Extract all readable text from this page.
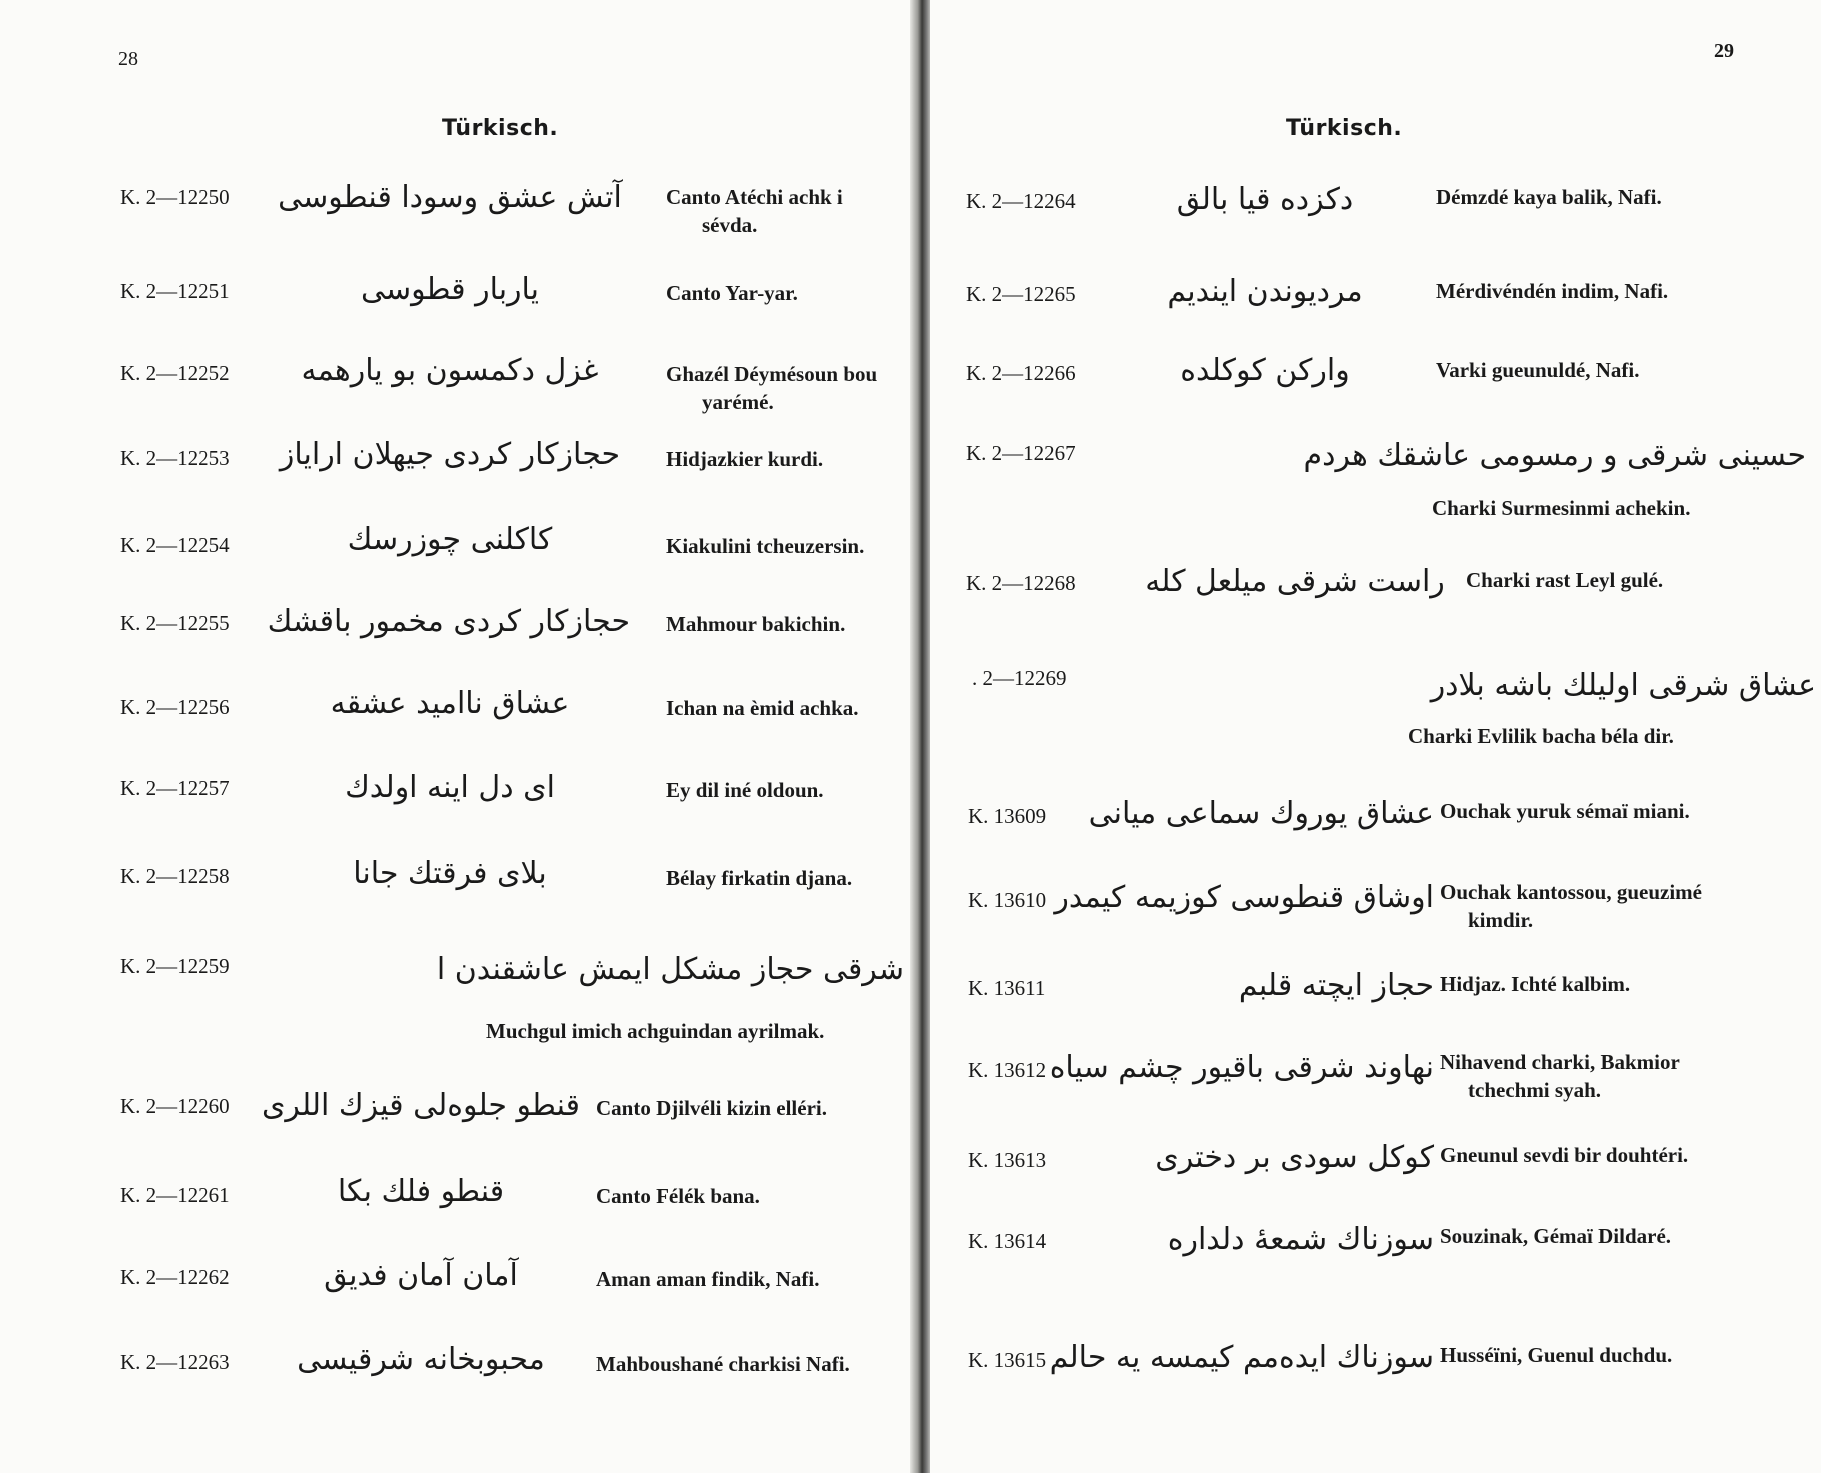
28
Türkisch.
K. 2—12250 آتش عشق وسودا قنطوسی	Canto Atéchi achk i
sévda.
K. 2—12251	یاربار قطوسی	Canto Yar-yar.
K. 2—12252	غزل دکمسون بو یارهمه	Ghazél Déymésoun bou
yarémé.
K. 2—12253	حجازکار کردی جیهلان ارایاز	Hidjazkier kurdi.
K. 2—12254	کاکلنی چوزرسك	Kiakulini tcheuzersin.
K. 2—12255 حجازکار کردی مخمور باقشك Mahmour bakichin.
K. 2—12256	عشاق ناامید عشقه	Ichan na èmid achka.
K. 2—12257	ای دل اینه اولدك	Ey dil iné oldoun.
K. 2—12258	بلای فرقتك جانا	Bélay firkatin djana.
K. 2—12259	شرقی حجاز مشکل ایمش عاشقندن ا
Muchgul imich achguindan ayrilmak.
K. 2—12260 قنطو جلوەلی قیزك اللری Canto Djilvéli kizin elléri.
K. 2—12261	قنطو فلك بکا	Canto Félék bana.
K. 2—12262	آمان آمان فدیق	Aman aman findik, Nafi.
K. 2—12263	محبوبخانه شرقیسی	Mahboushané charkisi Nafi.
29
Türkisch.
K. 2—12264	دکزده قیا بالق	Démzdé kaya balik, Nafi.
K. 2—12265	مردیوندن ایندیم	Mérdivéndén indim, Nafi.
K. 2—12266	وارکن کوکلده	Varki gueunuldé, Nafi.
K. 2—12267	حسینی شرقی و رمسومی عاشقك هردم
Charki Surmesinmi achekin.
K. 2—12268	راست شرقی میلعل کله	Charki rast Leyl gulé.
. 2—12269	عشاق شرقی اولیلك باشه بلادر
Charki Evlilik bacha béla dir.
K. 13609 عشاق یوروك سماعی میانی Ouchak yuruk sémaï miani.
K. 13610 اوشاق قنطوسی کوزیمه کیمدر Ouchak kantossou, gueuzimé
kimdir.
K. 13611	حجاز ایچته قلبم Hidjaz. Ichté kalbim.
K. 13612 نهاوند شرقی باقیور چشم سیاه Nihavend charki, Bakmior
tchechmi syah.
K. 13613	کوکل سودی بر دختری Gneunul sevdi bir douhtéri.
K. 13614	سوزناك شمعهٔ دلداره Souzinak, Gémaï Dildaré.
K. 13615 سوزناك ایدەمم کیمسه یه حالم Husséïni, Guenul duchdu.
